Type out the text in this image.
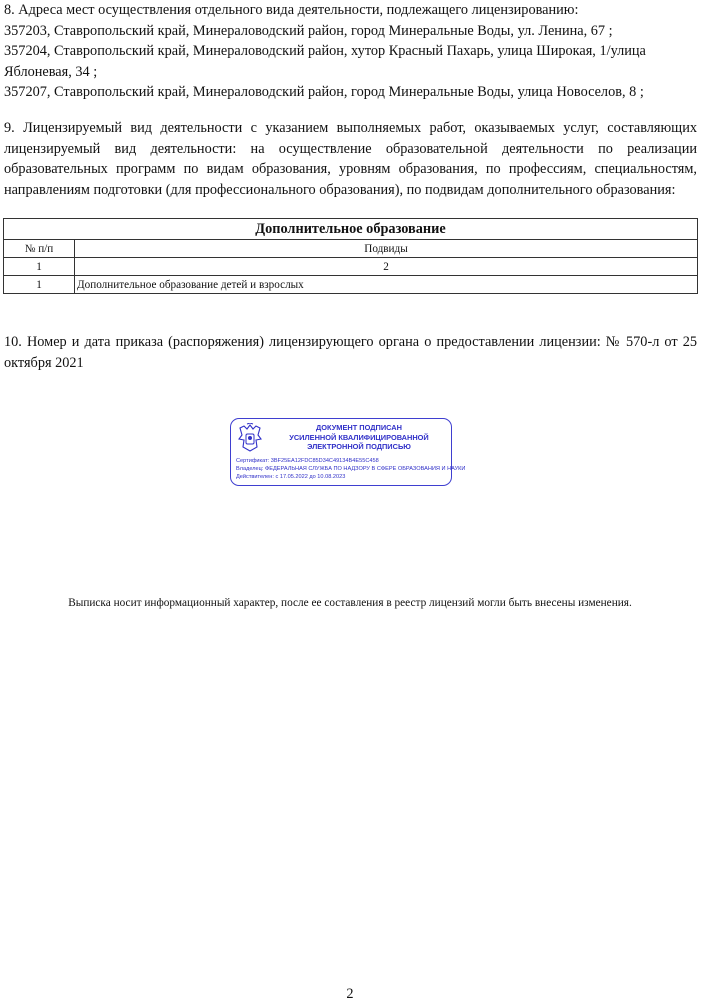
8. Адреса мест осуществления отдельного вида деятельности, подлежащего лицензированию:

357203, Ставропольский край, Минераловодский район, город Минеральные Воды, ул. Ленина, 67 ;

357204, Ставропольский край, Минераловодский район, хутор Красный Пахарь, улица Широкая, 1/улица Яблоневая, 34 ;

357207, Ставропольский край, Минераловодский район, город Минеральные Воды, улица Новоселов, 8 ;

9. Лицензируемый вид деятельности с указанием выполняемых работ, оказываемых услуг, составляющих лицензируемый вид деятельности: на осуществление образовательной деятельности по реализации образовательных программ по видам образования, уровням образования, по профессиям, специальностям, направлениям подготовки (для профессионального образования), по подвидам дополнительного образования:

Дополнительное образование	
№ п/п	Подвиды
1	2
1	Дополнительное образование детей и взрослых

10. Номер и дата приказа (распоряжения) лицензирующего органа о предоставлении лицензии: № 570-л от 25 октября 2021

ДОКУМЕНТ ПОДПИСАН
УСИЛЕННОЙ КВАЛИФИЦИРОВАННОЙ
ЭЛЕКТРОННОЙ ПОДПИСЬЮ
Сертификат: 3BF25EA12FDC85D34C49134B4E55C458
Владелец: ФЕДЕРАЛЬНАЯ СЛУЖБА ПО НАДЗОРУ В СФЕРЕ ОБРАЗОВАНИЯ И НАУКИ
Действителен: с 17.05.2022 до 10.08.2023
Выписка носит информационный характер, после ее составления в реестр лицензий могли быть внесены изменения.
2
